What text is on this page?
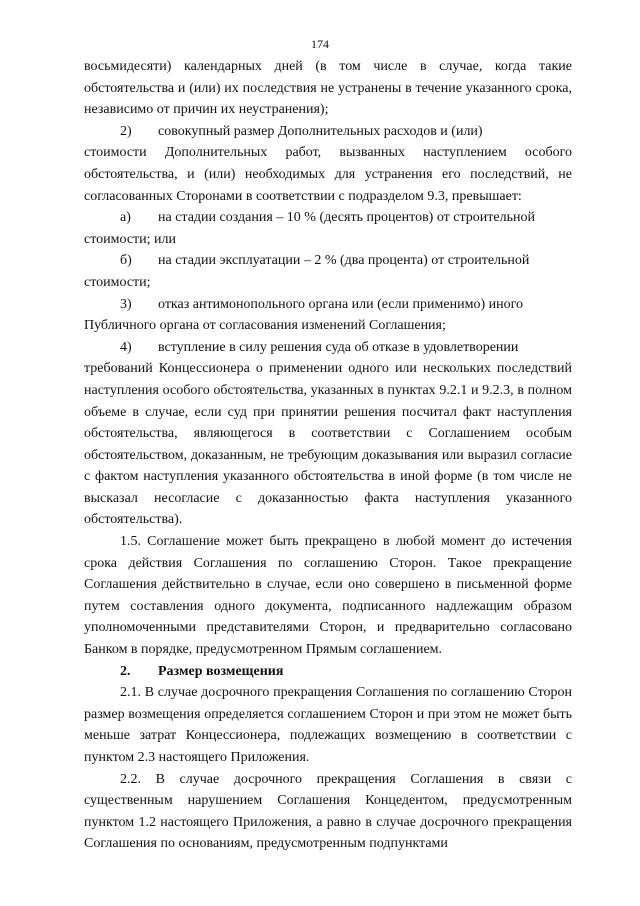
174

восьмидесяти) календарных дней (в том числе в случае, когда такие обстоятельства и (или) их последствия не устранены в течение указанного срока, независимо от причин их неустранения);

2)	совокупный размер Дополнительных расходов и (или)

стоимости Дополнительных работ, вызванных наступлением особого обстоятельства, и (или) необходимых для устранения его последствий, не согласованных Сторонами в соответствии с подразделом 9.3, превышает:

а)	на стадии создания – 10 % (десять процентов) от строительной

стоимости; или

б)	на стадии эксплуатации – 2 % (два процента) от строительной

стоимости;

3)	отказ антимонопольного органа или (если применимо) иного

Публичного органа от согласования изменений Соглашения;

4)	вступление в силу решения суда об отказе в удовлетворении

требований Концессионера о применении одного или нескольких последствий наступления особого обстоятельства, указанных в пунктах 9.2.1 и 9.2.3, в полном объеме в случае, если суд при принятии решения посчитал факт наступления обстоятельства, являющегося в соответствии с Соглашением особым обстоятельством, доказанным, не требующим доказывания или выразил согласие с фактом наступления указанного обстоятельства в иной форме (в том числе не высказал несогласие с доказанностью факта наступления указанного обстоятельства).

1.5. Соглашение может быть прекращено в любой момент до истечения срока действия Соглашения по соглашению Сторон. Такое прекращение Соглашения действительно в случае, если оно совершено в письменной форме путем составления одного документа, подписанного надлежащим образом уполномоченными представителями Сторон, и предварительно согласовано Банком в порядке, предусмотренном Прямым соглашением.

2.	Размер возмещения

2.1. В случае досрочного прекращения Соглашения по соглашению Сторон размер возмещения определяется соглашением Сторон и при этом не может быть меньше затрат Концессионера, подлежащих возмещению в соответствии с пунктом 2.3 настоящего Приложения.

2.2. В случае досрочного прекращения Соглашения в связи с существенным нарушением Соглашения Концедентом, предусмотренным пунктом 1.2 настоящего Приложения, а равно в случае досрочного прекращения Соглашения по основаниям, предусмотренным подпунктами
